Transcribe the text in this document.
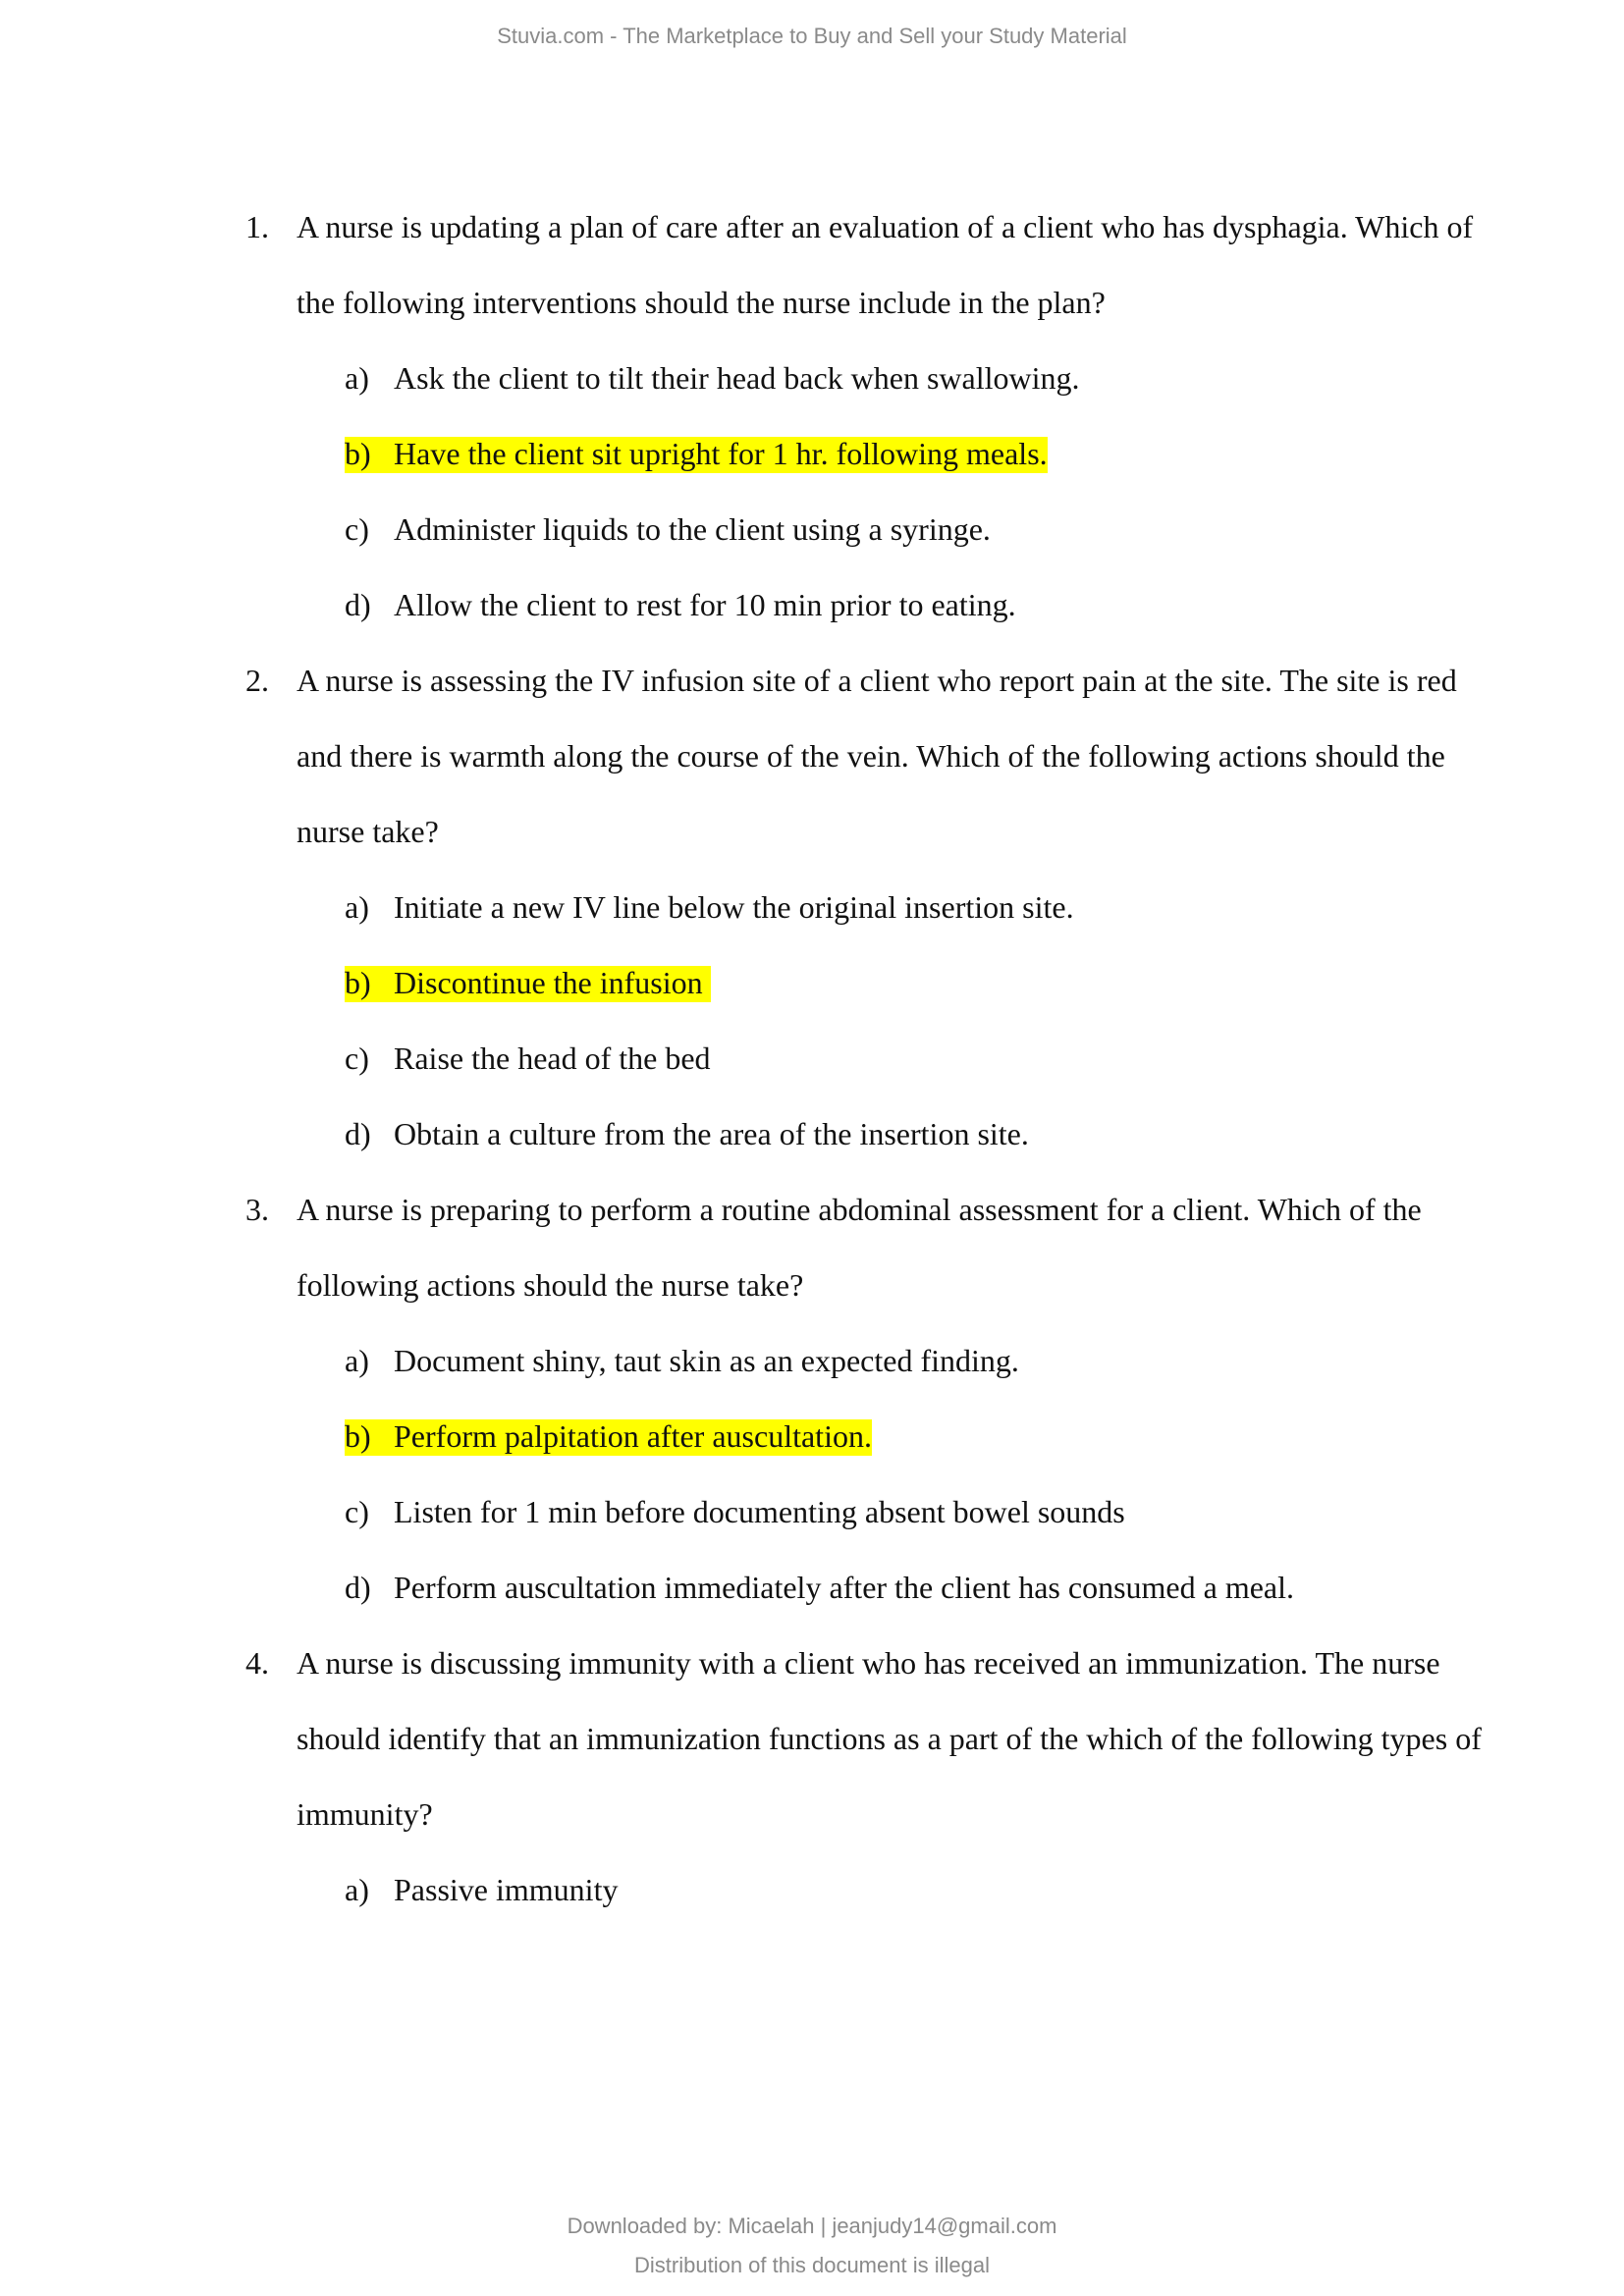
Stuvia.com - The Marketplace to Buy and Sell your Study Material
1. A nurse is updating a plan of care after an evaluation of a client who has dysphagia. Which of the following interventions should the nurse include in the plan?
a) Ask the client to tilt their head back when swallowing.
b) Have the client sit upright for 1 hr. following meals.
c) Administer liquids to the client using a syringe.
d) Allow the client to rest for 10 min prior to eating.
2. A nurse is assessing the IV infusion site of a client who report pain at the site. The site is red and there is warmth along the course of the vein. Which of the following actions should the nurse take?
a) Initiate a new IV line below the original insertion site.
b) Discontinue the infusion
c) Raise the head of the bed
d) Obtain a culture from the area of the insertion site.
3. A nurse is preparing to perform a routine abdominal assessment for a client. Which of the following actions should the nurse take?
a) Document shiny, taut skin as an expected finding.
b) Perform palpitation after auscultation.
c) Listen for 1 min before documenting absent bowel sounds
d) Perform auscultation immediately after the client has consumed a meal.
4. A nurse is discussing immunity with a client who has received an immunization. The nurse should identify that an immunization functions as a part of the which of the following types of immunity?
a) Passive immunity
Downloaded by: Micaelah | jeanjudy14@gmail.com
Distribution of this document is illegal
